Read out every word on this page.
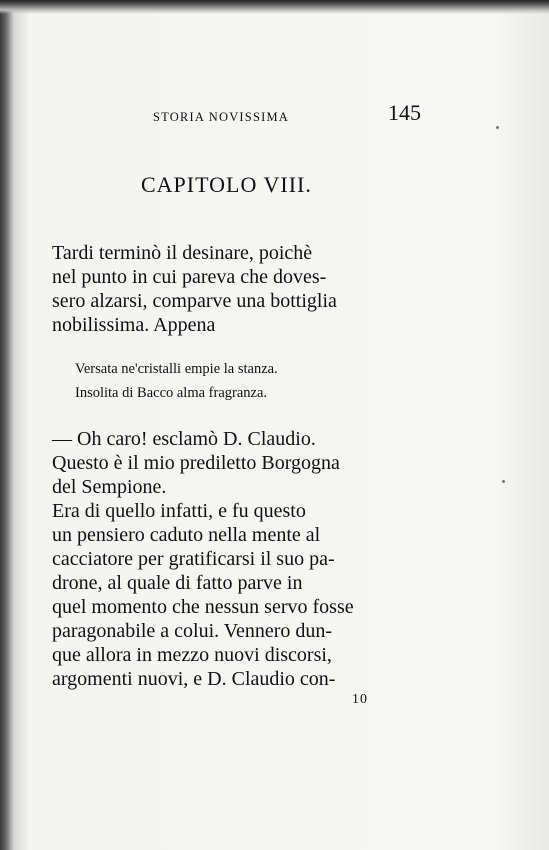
STORIA NOVISSIMA	145
CAPITOLO VIII.
Tardi terminò il desinare, poichè
nel punto in cui pareva che doves-
sero alzarsi, comparve una bottiglia
nobilissima. Appena
Versata ne'cristalli empie la stanza.
Insolita di Bacco alma fragranza.
— Oh caro! esclamò D. Claudio.
Questo è il mio prediletto Borgogna
del Sempione.
Era di quello infatti, e fu questo
un pensiero caduto nella mente al
cacciatore per gratificarsi il suo pa-
drone, al quale di fatto parve in
quel momento che nessun servo fosse
paragonabile a colui. Vennero dun-
que allora in mezzo nuovi discorsi,
argomenti nuovi, e D. Claudio con-
10
